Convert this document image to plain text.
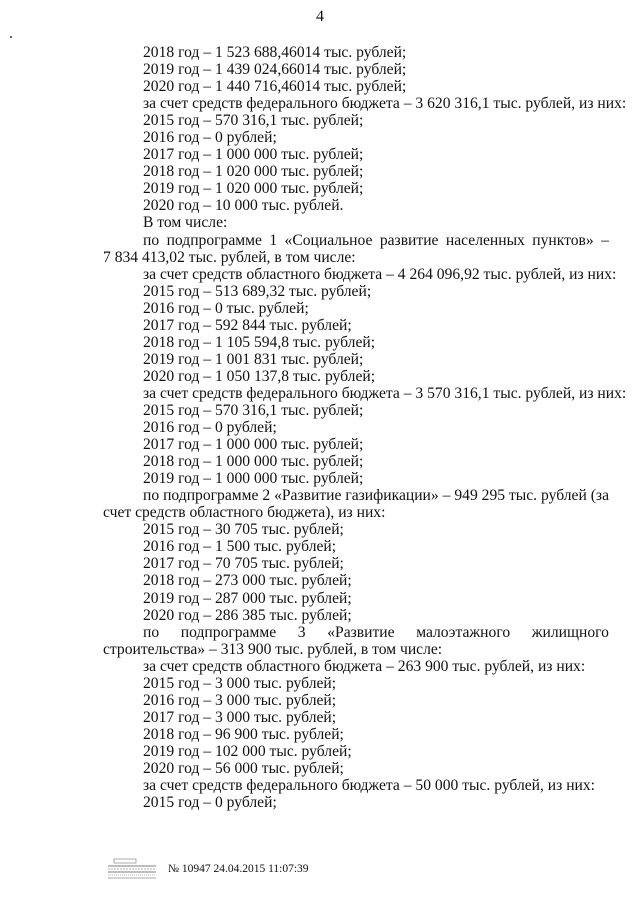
4
2018 год – 1 523 688,46014 тыс. рублей;
2019 год – 1 439 024,66014 тыс. рублей;
2020 год – 1 440 716,46014 тыс. рублей;
за счет средств федерального бюджета – 3 620 316,1 тыс. рублей, из них:
2015 год – 570 316,1 тыс. рублей;
2016 год – 0 рублей;
2017 год – 1 000 000 тыс. рублей;
2018 год – 1 020 000 тыс. рублей;
2019 год – 1 020 000 тыс. рублей;
2020 год – 10 000 тыс. рублей.
В том числе:
по подпрограмме 1 «Социальное развитие населенных пунктов» –
7 834 413,02 тыс. рублей, в том числе:
за счет средств областного бюджета – 4 264 096,92 тыс. рублей, из них:
2015 год – 513 689,32 тыс. рублей;
2016 год – 0 тыс. рублей;
2017 год – 592 844 тыс. рублей;
2018 год – 1 105 594,8 тыс. рублей;
2019 год – 1 001 831 тыс. рублей;
2020 год – 1 050 137,8 тыс. рублей;
за счет средств федерального бюджета – 3 570 316,1 тыс. рублей, из них:
2015 год – 570 316,1 тыс. рублей;
2016 год – 0 рублей;
2017 год – 1 000 000 тыс. рублей;
2018 год – 1 000 000 тыс. рублей;
2019 год – 1 000 000 тыс. рублей;
по подпрограмме 2 «Развитие газификации» – 949 295 тыс. рублей (за
счет средств областного бюджета), из них:
2015 год – 30 705 тыс. рублей;
2016 год – 1 500 тыс. рублей;
2017 год – 70 705 тыс. рублей;
2018 год – 273 000 тыс. рублей;
2019 год – 287 000 тыс. рублей;
2020 год – 286 385 тыс. рублей;
по подпрограмме 3 «Развитие малоэтажного жилищного
строительства» – 313 900 тыс. рублей, в том числе:
за счет средств областного бюджета – 263 900 тыс. рублей, из них:
2015 год – 3 000 тыс. рублей;
2016 год – 3 000 тыс. рублей;
2017 год – 3 000 тыс. рублей;
2018 год – 96 900 тыс. рублей;
2019 год – 102 000 тыс. рублей;
2020 год – 56 000 тыс. рублей;
за счет средств федерального бюджета – 50 000 тыс. рублей, из них:
2015 год – 0 рублей;
№ 10947 24.04.2015 11:07:39
